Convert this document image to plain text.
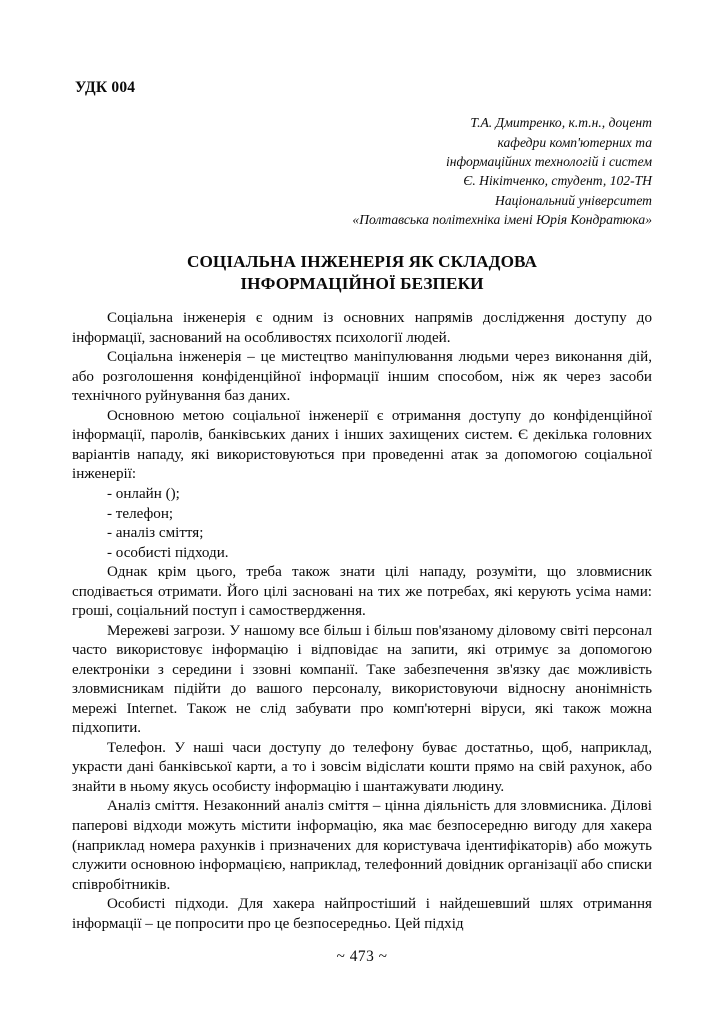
УДК 004
Т.А. Дмитренко, к.т.н., доцент
кафедри комп'ютерних та
інформаційних технологій і систем
Є. Нікітченко, студент, 102-ТН
Національний університет
«Полтавська політехніка імені Юрія Кондратюка»
СОЦІАЛЬНА ІНЖЕНЕРІЯ ЯК СКЛАДОВА
ІНФОРМАЦІЙНОЇ БЕЗПЕКИ

Соціальна інженерія є одним із основних напрямів дослідження доступу до інформації, заснований на особливостях психології людей.

Соціальна інженерія – це мистецтво маніпулювання людьми через виконання дій, або розголошення конфіденційної інформації іншим способом, ніж як через засоби технічного руйнування баз даних.

Основною метою соціальної інженерії є отримання доступу до конфіденційної інформації, паролів, банківських даних і інших захищених систем. Є декілька головних варіантів нападу, які використовуються при проведенні атак за допомогою соціальної інженерії:

- онлайн ();

- телефон;

- аналіз сміття;

- особисті підходи.

Однак крім цього, треба також знати цілі нападу, розуміти, що зловмисник сподівається отримати. Його цілі засновані на тих же потребах, які керують усіма нами: гроші, соціальний поступ і самоствердження.

Мережеві загрози. У нашому все більш і більш пов'язаному діловому світі персонал часто використовує інформацію і відповідає на запити, які отримує за допомогою електроніки з середини і ззовні компанії. Таке забезпечення зв'язку дає можливість зловмисникам підійти до вашого персоналу, використовуючи відносну анонімність мережі Internet. Також не слід забувати про комп'ютерні віруси, які також можна підхопити.

Телефон. У наші часи доступу до телефону буває достатньо, щоб, наприклад, украсти дані банківської карти, а то і зовсім відіслати кошти прямо на свій рахунок, або знайти в ньому якусь особисту інформацію і шантажувати людину.

Аналіз сміття. Незаконний аналіз сміття – цінна діяльність для зловмисника. Ділові паперові відходи можуть містити інформацію, яка має безпосередню вигоду для хакера (наприклад номера рахунків і призначених для користувача ідентифікаторів) або можуть служити основною інформацією, наприклад, телефонний довідник організації або списки співробітників.

Особисті підходи. Для хакера найпростіший і найдешевший шлях отримання інформації – це попросити про це безпосередньо. Цей підхід

~ 473 ~
